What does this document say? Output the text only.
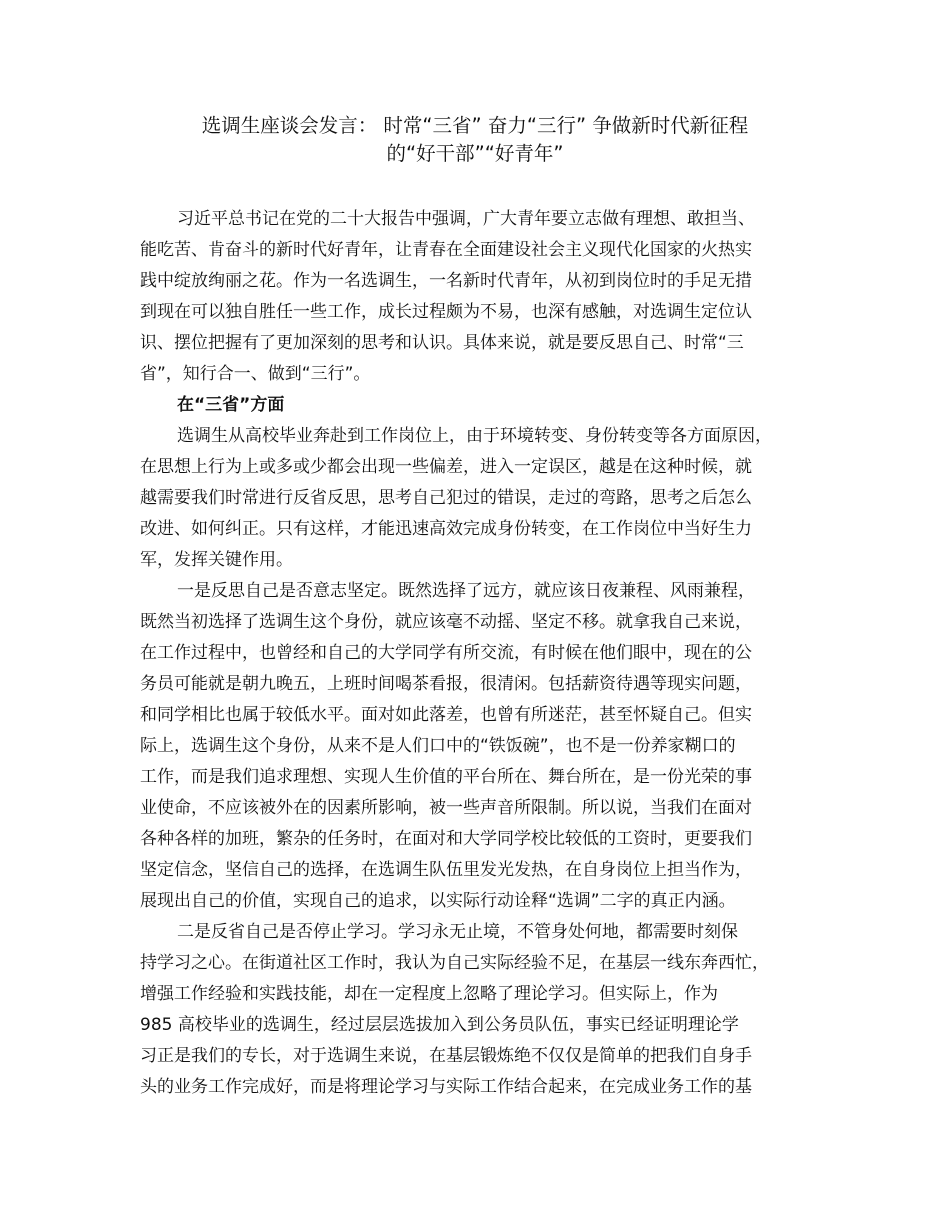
选调生座谈会发言： 时常“三省” 奋力“三行” 争做新时代新征程
的“好干部”“好青年”

习近平总书记在党的二十大报告中强调，广大青年要立志做有理想、敢担当、

能吃苦、肯奋斗的新时代好青年，让青春在全面建设社会主义现代化国家的火热实

践中绽放绚丽之花。作为一名选调生，一名新时代青年，从初到岗位时的手足无措

到现在可以独自胜任一些工作，成长过程颇为不易，也深有感触，对选调生定位认

识、摆位把握有了更加深刻的思考和认识。具体来说，就是要反思自己、时常“三

省”，知行合一、做到“三行”。

在“三省”方面

选调生从高校毕业奔赴到工作岗位上，由于环境转变、身份转变等各方面原因，

在思想上行为上或多或少都会出现一些偏差，进入一定误区，越是在这种时候，就

越需要我们时常进行反省反思，思考自己犯过的错误，走过的弯路，思考之后怎么

改进、如何纠正。只有这样，才能迅速高效完成身份转变，在工作岗位中当好生力

军，发挥关键作用。

一是反思自己是否意志坚定。既然选择了远方，就应该日夜兼程、风雨兼程，

既然当初选择了选调生这个身份，就应该毫不动摇、坚定不移。就拿我自己来说，

在工作过程中，也曾经和自己的大学同学有所交流，有时候在他们眼中，现在的公

务员可能就是朝九晚五，上班时间喝茶看报，很清闲。包括薪资待遇等现实问题，

和同学相比也属于较低水平。面对如此落差，也曾有所迷茫，甚至怀疑自己。但实

际上，选调生这个身份，从来不是人们口中的“铁饭碗”，也不是一份养家糊口的

工作，而是我们追求理想、实现人生价值的平台所在、舞台所在，是一份光荣的事

业使命，不应该被外在的因素所影响，被一些声音所限制。所以说，当我们在面对

各种各样的加班，繁杂的任务时，在面对和大学同学校比较低的工资时，更要我们

坚定信念，坚信自己的选择，在选调生队伍里发光发热，在自身岗位上担当作为，

展现出自己的价值，实现自己的追求，以实际行动诠释“选调”二字的真正内涵。

二是反省自己是否停止学习。学习永无止境，不管身处何地，都需要时刻保

持学习之心。在街道社区工作时，我认为自己实际经验不足，在基层一线东奔西忙，

增强工作经验和实践技能，却在一定程度上忽略了理论学习。但实际上，作为

985 高校毕业的选调生，经过层层选拔加入到公务员队伍，事实已经证明理论学

习正是我们的专长，对于选调生来说，在基层锻炼绝不仅仅是简单的把我们自身手

头的业务工作完成好，而是将理论学习与实际工作结合起来，在完成业务工作的基
